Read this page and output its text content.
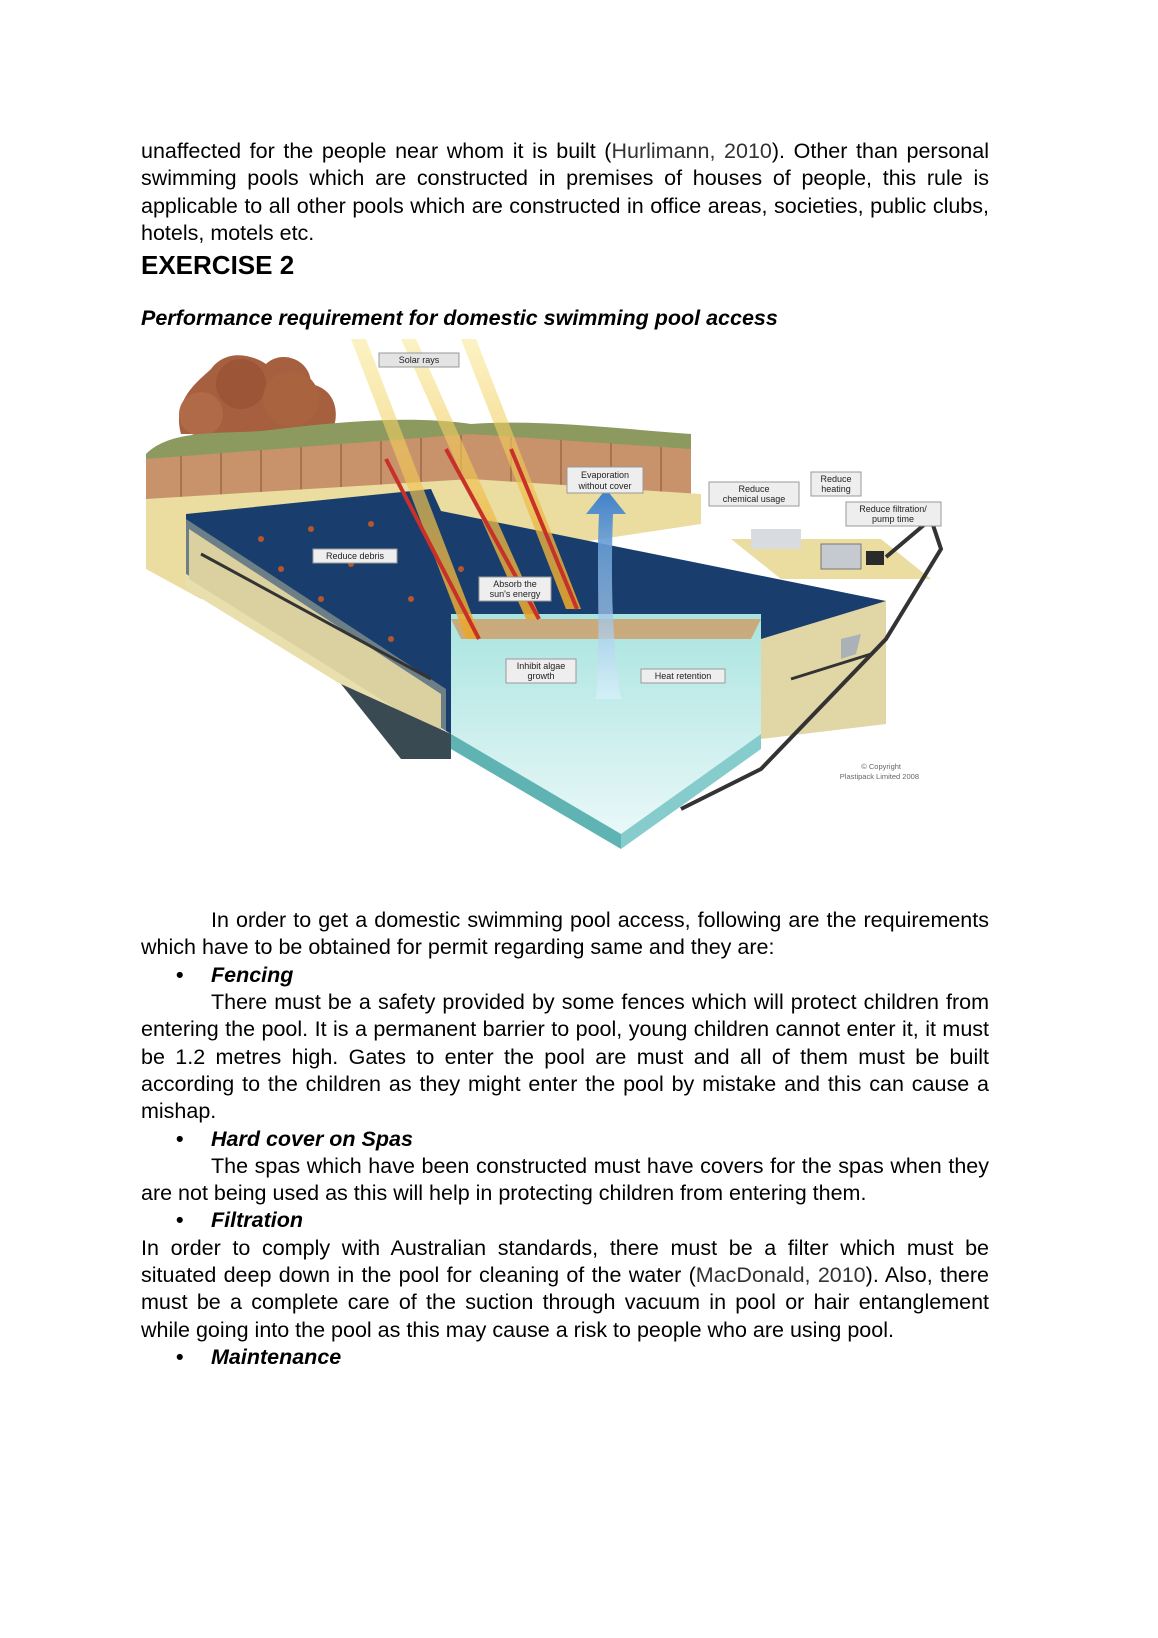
unaffected for the people near whom it is built (Hurlimann, 2010). Other than personal swimming pools which are constructed in premises of houses of people, this rule is applicable to all other pools which are constructed in office areas, societies, public clubs, hotels, motels etc.

EXERCISE 2
Performance requirement for domestic swimming pool access
Solar rays
Evaporation
without cover	Reduce
chemical usage
Reduce
heating
Reduce filtration/
pump time
Reduce debris
Absorb the
sun's energy
Inhibit algae
growth	Heat retention
© Copyright
Plastipack Limited 2008

In order to get a domestic swimming pool access, following are the requirements which have to be obtained for permit regarding same and they are:

• Fencing

There must be a safety provided by some fences which will protect children from entering the pool. It is a permanent barrier to pool, young children cannot enter it, it must be 1.2 metres high. Gates to enter the pool are must and all of them must be built according to the children as they might enter the pool by mistake and this can cause a mishap.

• Hard cover on Spas

The spas which have been constructed must have covers for the spas when they are not being used as this will help in protecting children from entering them.

• Filtration

In order to comply with Australian standards, there must be a filter which must be situated deep down in the pool for cleaning of the water (MacDonald, 2010). Also, there must be a complete care of the suction through vacuum in pool or hair entanglement while going into the pool as this may cause a risk to people who are using pool.

• Maintenance
